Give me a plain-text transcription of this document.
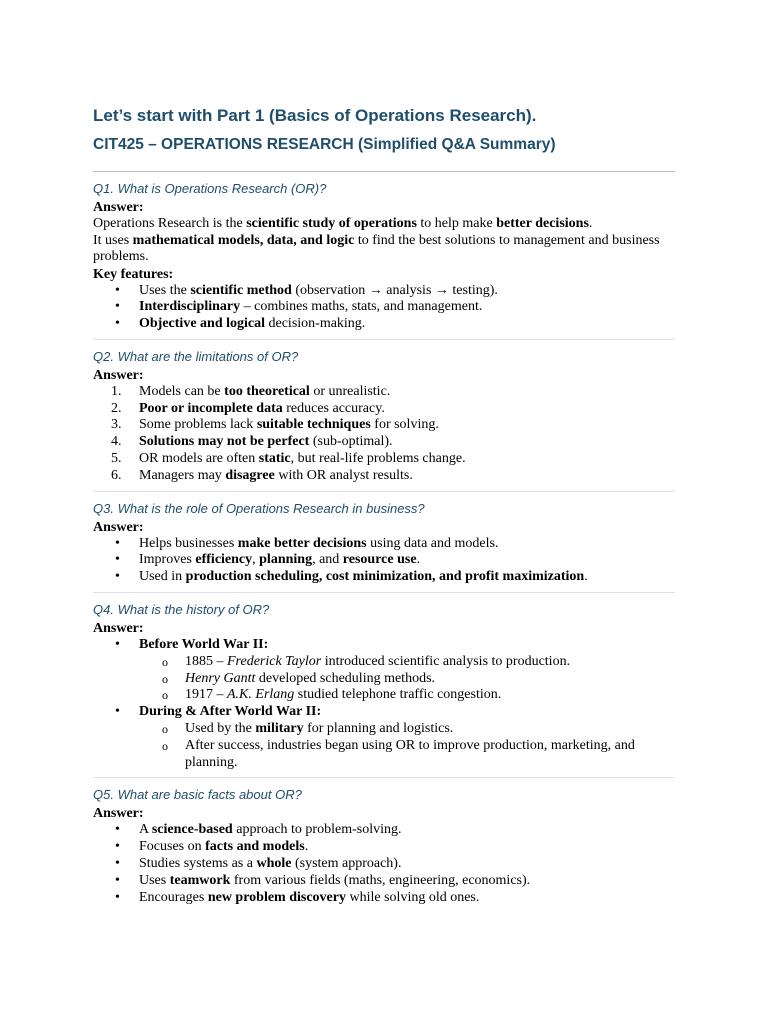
Let’s start with Part 1 (Basics of Operations Research).
CIT425 – OPERATIONS RESEARCH (Simplified Q&A Summary)

Q1. What is Operations Research (OR)?

Answer:

Operations Research is the scientific study of operations to help make better decisions.

It uses mathematical models, data, and logic to find the best solutions to management and business problems.

Key features:

• Uses the scientific method (observation → analysis → testing).
• Interdisciplinary – combines maths, stats, and management.
• Objective and logical decision-making.

Q2. What are the limitations of OR?

Answer:

1. Models can be too theoretical or unrealistic.
2. Poor or incomplete data reduces accuracy.
3. Some problems lack suitable techniques for solving.
4. Solutions may not be perfect (sub-optimal).
5. OR models are often static, but real-life problems change.
6. Managers may disagree with OR analyst results.

Q3. What is the role of Operations Research in business?

Answer:

• Helps businesses make better decisions using data and models.
• Improves efficiency, planning, and resource use.
• Used in production scheduling, cost minimization, and profit maximization.

Q4. What is the history of OR?

Answer:

• Before World War II:
o 1885 – Frederick Taylor introduced scientific analysis to production.
o Henry Gantt developed scheduling methods.
o 1917 – A.K. Erlang studied telephone traffic congestion.
• During & After World War II:
o Used by the military for planning and logistics.
o After success, industries began using OR to improve production, marketing, and planning.

Q5. What are basic facts about OR?

Answer:

• A science-based approach to problem-solving.
• Focuses on facts and models.
• Studies systems as a whole (system approach).
• Uses teamwork from various fields (maths, engineering, economics).
• Encourages new problem discovery while solving old ones.
